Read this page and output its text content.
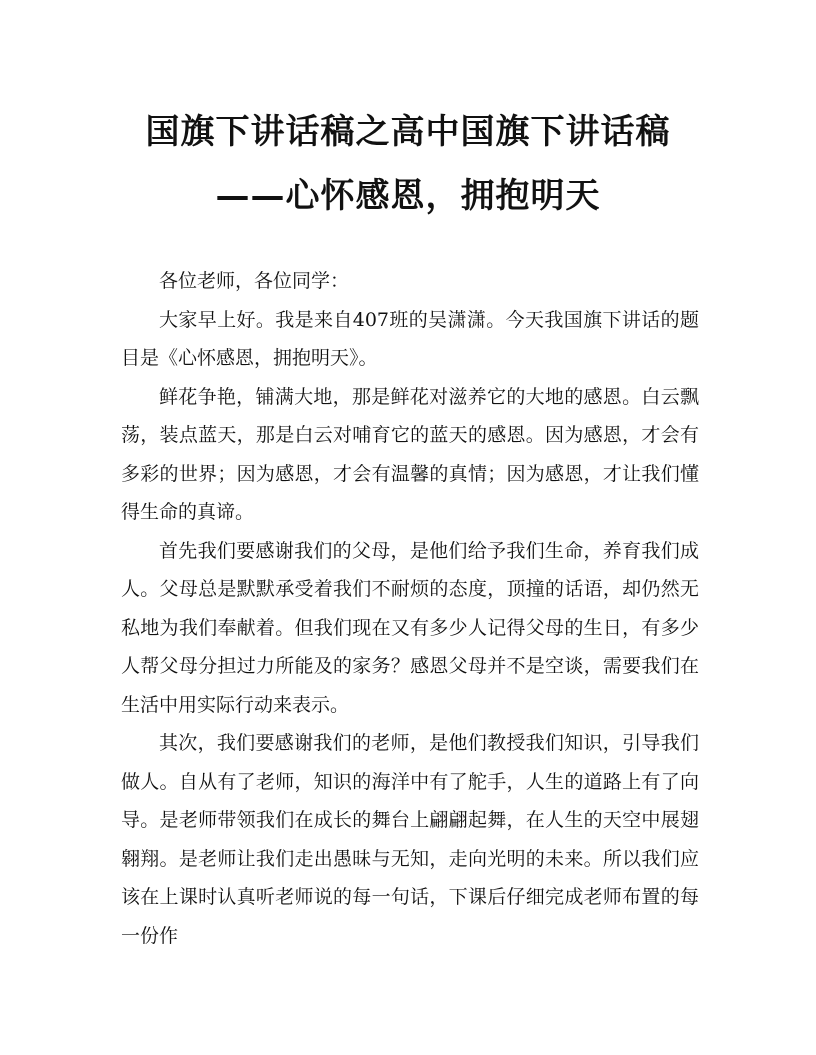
国旗下讲话稿之高中国旗下讲话稿
——心怀感恩，拥抱明天

各位老师，各位同学：

大家早上好。我是来自407班的吴潇潇。今天我国旗下讲话的题目是《心怀感恩，拥抱明天》。

鲜花争艳，铺满大地，那是鲜花对滋养它的大地的感恩。白云飘荡，装点蓝天，那是白云对哺育它的蓝天的感恩。因为感恩，才会有多彩的世界；因为感恩，才会有温馨的真情；因为感恩，才让我们懂得生命的真谛。

首先我们要感谢我们的父母，是他们给予我们生命，养育我们成人。父母总是默默承受着我们不耐烦的态度，顶撞的话语，却仍然无私地为我们奉献着。但我们现在又有多少人记得父母的生日，有多少人帮父母分担过力所能及的家务？感恩父母并不是空谈，需要我们在生活中用实际行动来表示。

其次，我们要感谢我们的老师，是他们教授我们知识，引导我们做人。自从有了老师，知识的海洋中有了舵手，人生的道路上有了向导。是老师带领我们在成长的舞台上翩翩起舞，在人生的天空中展翅翱翔。是老师让我们走出愚昧与无知，走向光明的未来。所以我们应该在上课时认真听老师说的每一句话，下课后仔细完成老师布置的每一份作
